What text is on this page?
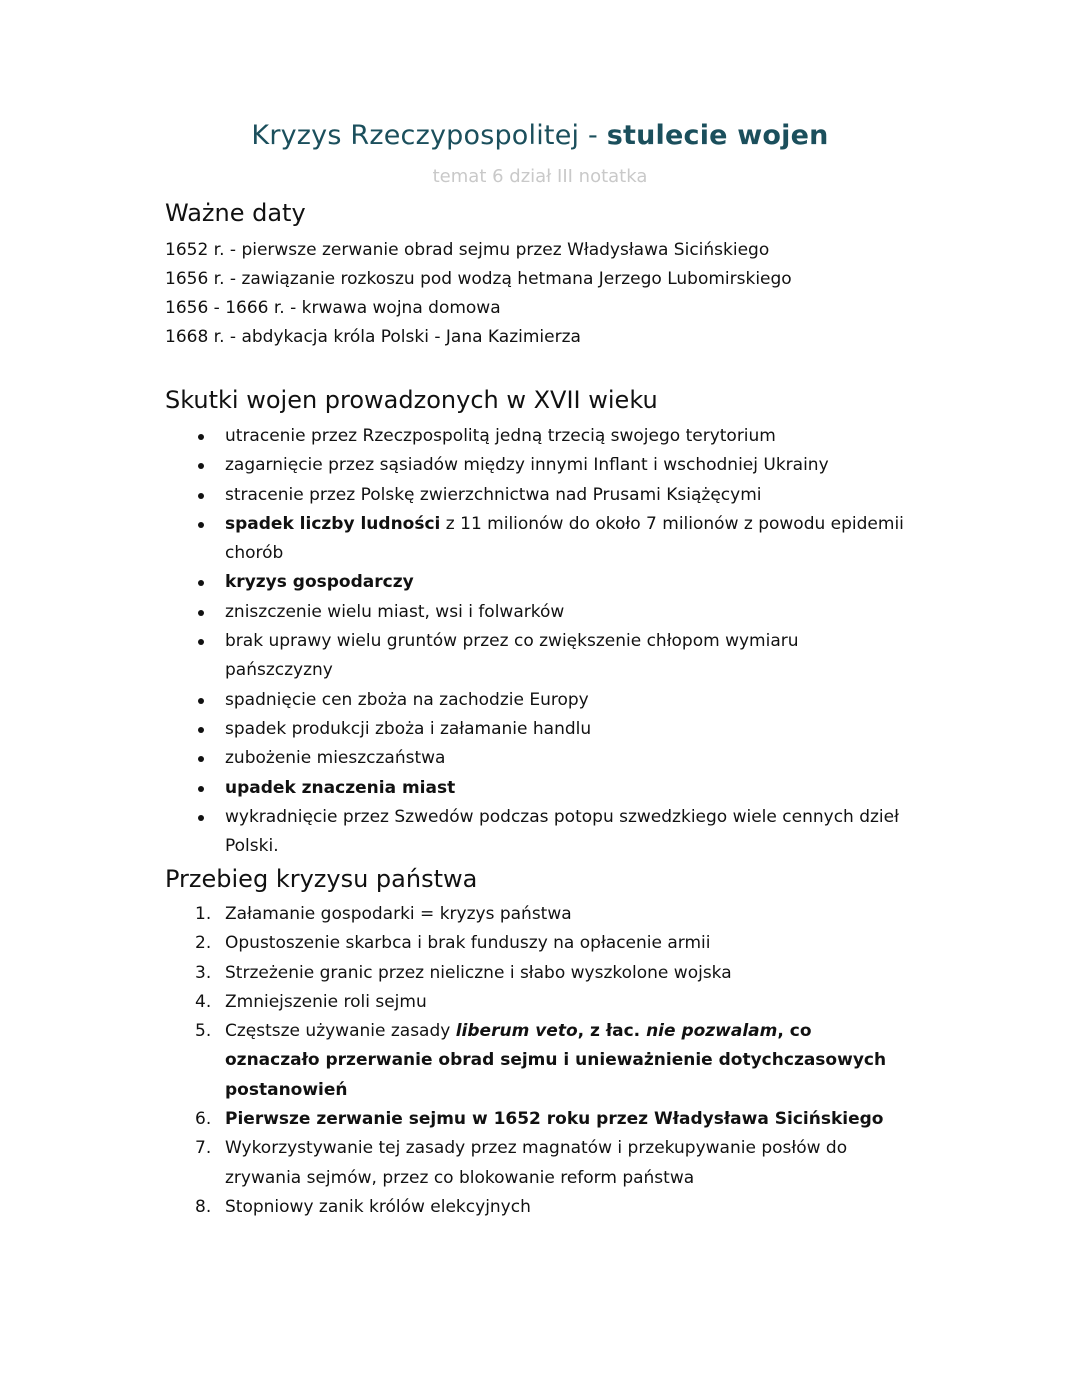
Kryzys Rzeczypospolitej - stulecie wojen
temat 6 dział III notatka
Ważne daty
1652 r. - pierwsze zerwanie obrad sejmu przez Władysława Sicińskiego
1656 r. - zawiązanie rozkoszu pod wodzą hetmana Jerzego Lubomirskiego
1656 - 1666 r. - krwawa wojna domowa
1668 r. - abdykacja króla Polski - Jana Kazimierza
Skutki wojen prowadzonych w XVII wieku
utracenie przez Rzeczpospolitą jedną trzecią swojego terytorium
zagarnięcie przez sąsiadów między innymi Inflant i wschodniej Ukrainy
stracenie przez Polskę zwierzchnictwa nad Prusami Książęcymi
spadek liczby ludności z 11 milionów do około 7 milionów z powodu epidemii chorób
kryzys gospodarczy
zniszczenie wielu miast, wsi i folwarków
brak uprawy wielu gruntów przez co zwiększenie chłopom wymiaru pańszczyzny
spadnięcie cen zboża na zachodzie Europy
spadek produkcji zboża i załamanie handlu
zubożenie mieszczaństwa
upadek znaczenia miast
wykradnięcie przez Szwedów podczas potopu szwedzkiego wiele cennych dzieł Polski.
Przebieg kryzysu państwa
1. Załamanie gospodarki = kryzys państwa
2. Opustoszenie skarbca i brak funduszy na opłacenie armii
3. Strzeżenie granic przez nieliczne i słabo wyszkolone wojska
4. Zmniejszenie roli sejmu
5. Częstsze używanie zasady liberum veto, z łac. nie pozwalam, co oznaczało przerwanie obrad sejmu i unieważnienie dotychczasowych postanowień
6. Pierwsze zerwanie sejmu w 1652 roku przez Władysława Sicińskiego
7. Wykorzystywanie tej zasady przez magnatów i przekupywanie posłów do zrywania sejmów, przez co blokowanie reform państwa
8. Stopniowy zanik królów elekcyjnych
